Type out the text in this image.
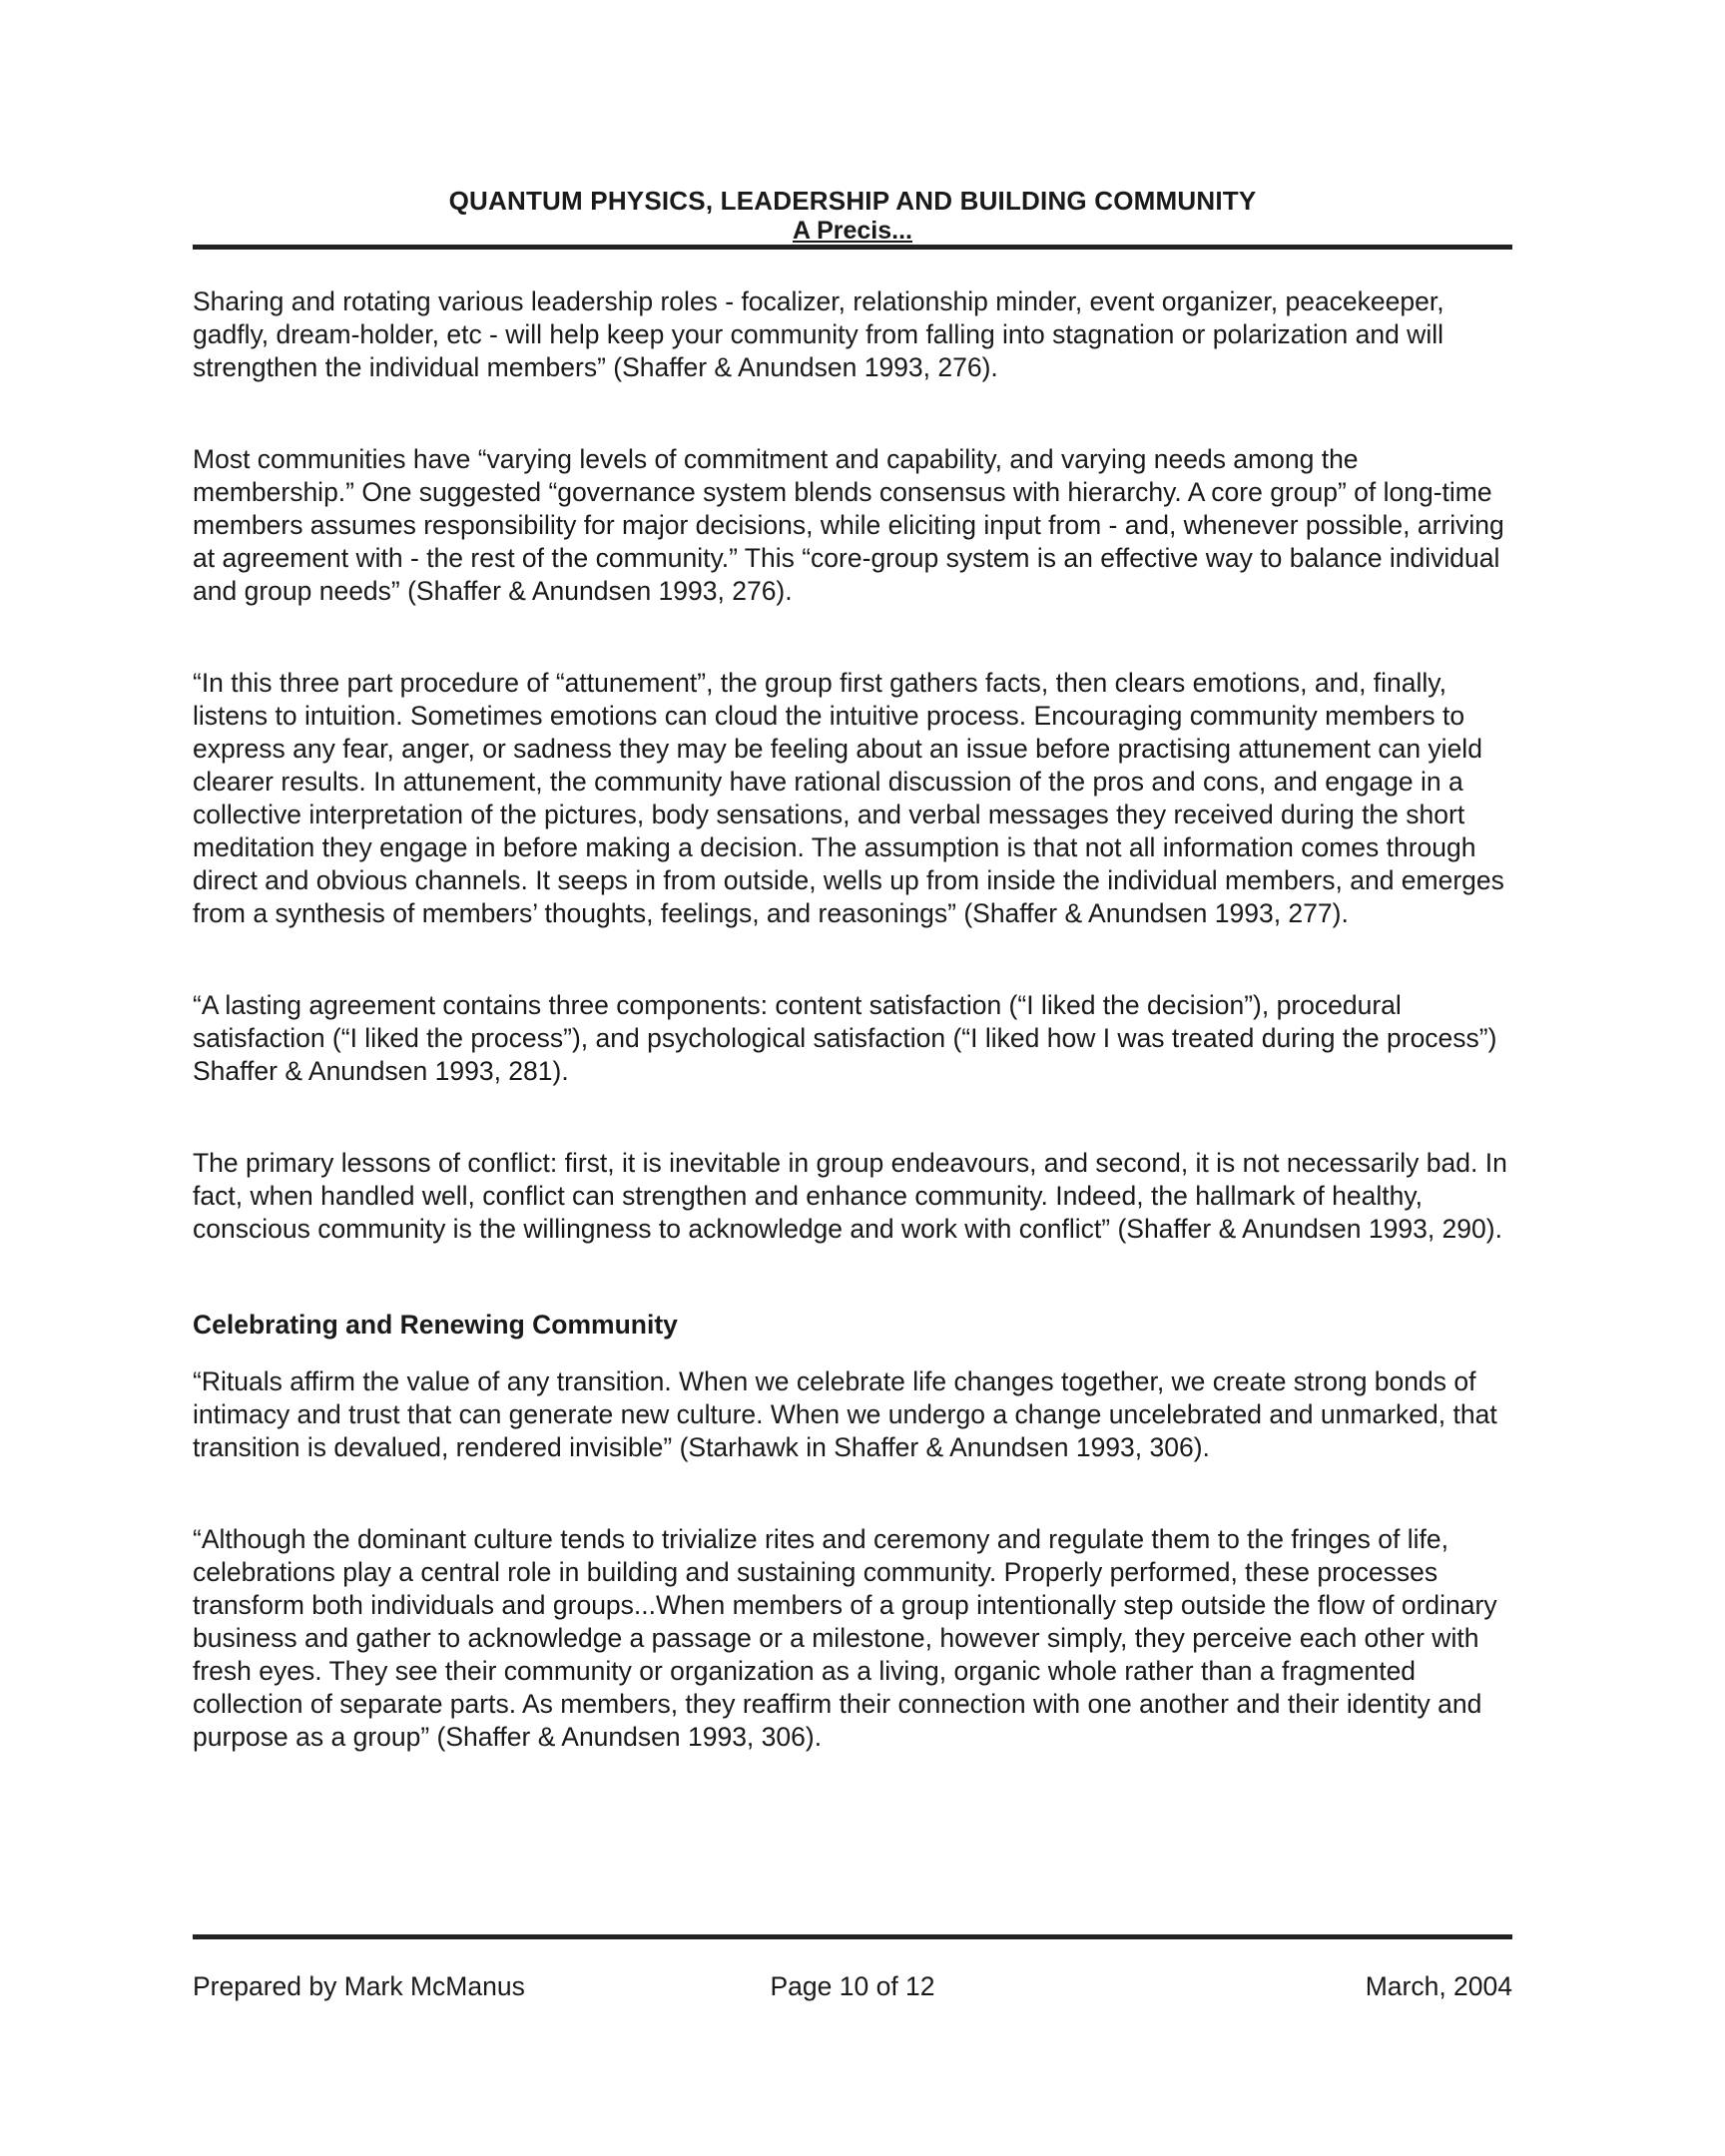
QUANTUM PHYSICS, LEADERSHIP AND BUILDING COMMUNITY
A Precis...

Sharing and rotating various leadership roles - focalizer, relationship minder, event organizer, peacekeeper, gadfly, dream-holder, etc - will help keep your community from falling into stagnation or polarization and will strengthen the individual members” (Shaffer & Anundsen 1993, 276).

Most communities have “varying levels of commitment and capability, and varying needs among the membership.” One suggested “governance system blends consensus with hierarchy. A core group” of long-time members assumes responsibility for major decisions, while eliciting input from - and, whenever possible, arriving at agreement with - the rest of the community.” This “core-group system is an effective way to balance individual and group needs” (Shaffer & Anundsen 1993, 276).

“In this three part procedure of “attunement”, the group first gathers facts, then clears emotions, and, finally, listens to intuition. Sometimes emotions can cloud the intuitive process. Encouraging community members to express any fear, anger, or sadness they may be feeling about an issue before practising attunement can yield clearer results. In attunement, the community have rational discussion of the pros and cons, and engage in a collective interpretation of the pictures, body sensations, and verbal messages they received during the short meditation they engage in before making a decision. The assumption is that not all information comes through direct and obvious channels. It seeps in from outside, wells up from inside the individual members, and emerges from a synthesis of members’ thoughts, feelings, and reasonings” (Shaffer & Anundsen 1993, 277).

“A lasting agreement contains three components: content satisfaction (“I liked the decision”), procedural satisfaction (“I liked the process”), and psychological satisfaction (“I liked how I was treated during the process”) Shaffer & Anundsen 1993, 281).

The primary lessons of conflict: first, it is inevitable in group endeavours, and second, it is not necessarily bad. In fact, when handled well, conflict can strengthen and enhance community. Indeed, the hallmark of healthy, conscious community is the willingness to acknowledge and work with conflict” (Shaffer & Anundsen 1993, 290).

Celebrating and Renewing Community

“Rituals affirm the value of any transition. When we celebrate life changes together, we create strong bonds of intimacy and trust that can generate new culture. When we undergo a change uncelebrated and unmarked, that transition is devalued, rendered invisible” (Starhawk in Shaffer & Anundsen 1993, 306).

“Although the dominant culture tends to trivialize rites and ceremony and regulate them to the fringes of life, celebrations play a central role in building and sustaining community. Properly performed, these processes transform both individuals and groups...When members of a group intentionally step outside the flow of ordinary business and gather to acknowledge a passage or a milestone, however simply, they perceive each other with fresh eyes. They see their community or organization as a living, organic whole rather than a fragmented collection of separate parts. As members, they reaffirm their connection with one another and their identity and purpose as a group” (Shaffer & Anundsen 1993, 306).

Prepared by Mark McManus	Page 10 of 12	March, 2004
